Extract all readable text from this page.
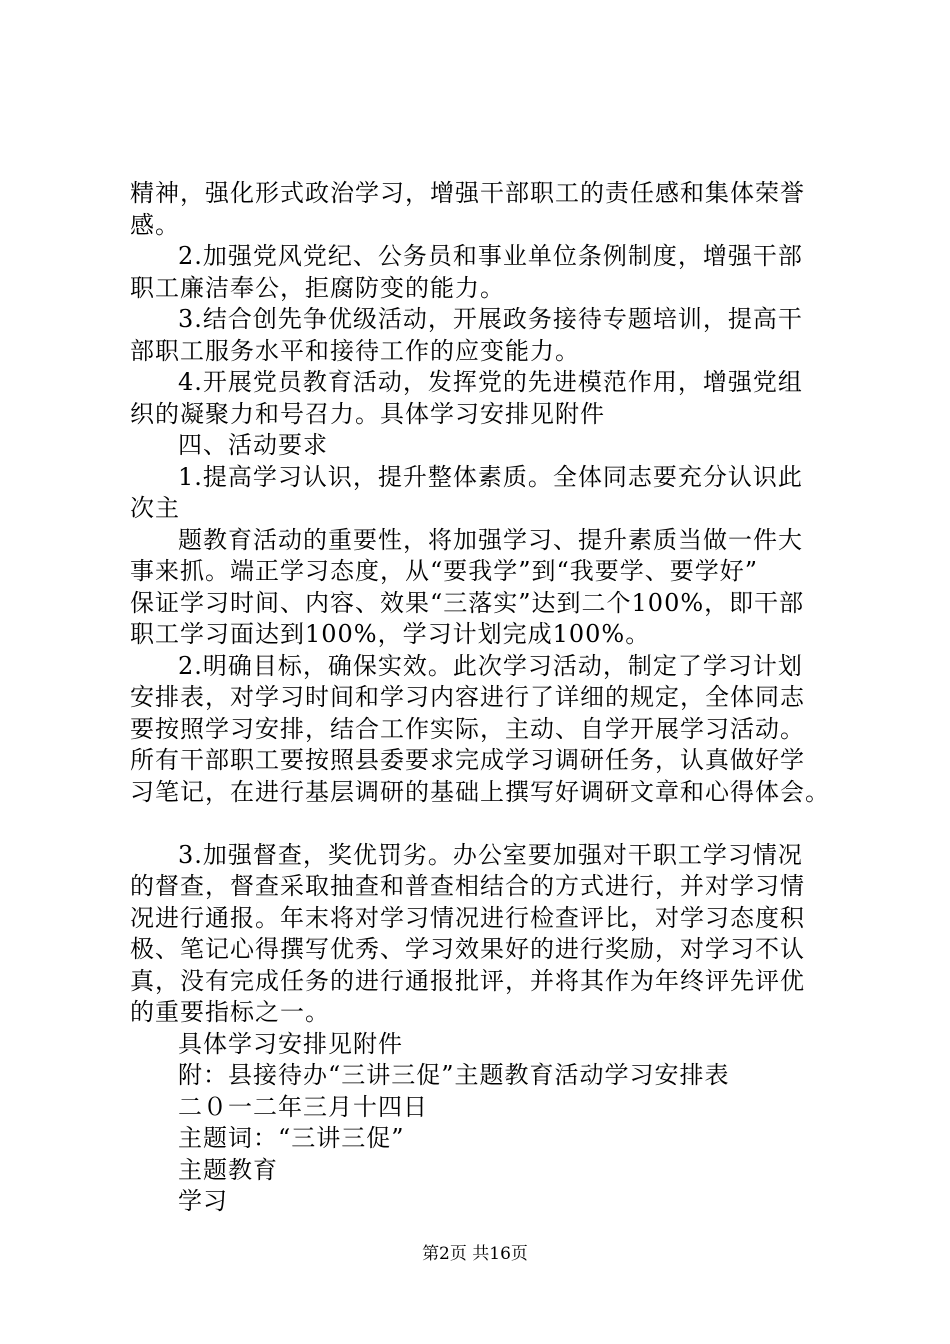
精神，强化形式政治学习，增强干部职工的责任感和集体荣誉
感。
2.加强党风党纪、公务员和事业单位条例制度，增强干部
职工廉洁奉公，拒腐防变的能力。
3.结合创先争优级活动，开展政务接待专题培训，提高干
部职工服务水平和接待工作的应变能力。
4.开展党员教育活动，发挥党的先进模范作用，增强党组
织的凝聚力和号召力。具体学习安排见附件
四、活动要求
1.提高学习认识，提升整体素质。全体同志要充分认识此
次主
题教育活动的重要性，将加强学习、提升素质当做一件大
事来抓。端正学习态度，从“要我学”到“我要学、要学好”
保证学习时间、内容、效果“三落实”达到二个100%，即干部
职工学习面达到100%，学习计划完成100%。
2.明确目标，确保实效。此次学习活动，制定了学习计划
安排表，对学习时间和学习内容进行了详细的规定，全体同志
要按照学习安排，结合工作实际，主动、自学开展学习活动。
所有干部职工要按照县委要求完成学习调研任务，认真做好学
习笔记，在进行基层调研的基础上撰写好调研文章和心得体会。
3.加强督查，奖优罚劣。办公室要加强对干职工学习情况
的督查，督查采取抽查和普查相结合的方式进行，并对学习情
况进行通报。年末将对学习情况进行检查评比，对学习态度积
极、笔记心得撰写优秀、学习效果好的进行奖励，对学习不认
真，没有完成任务的进行通报批评，并将其作为年终评先评优
的重要指标之一。
具体学习安排见附件
附：县接待办“三讲三促”主题教育活动学习安排表
二０一二年三月十四日
主题词：“三讲三促”
主题教育
学习
第2页 共16页
